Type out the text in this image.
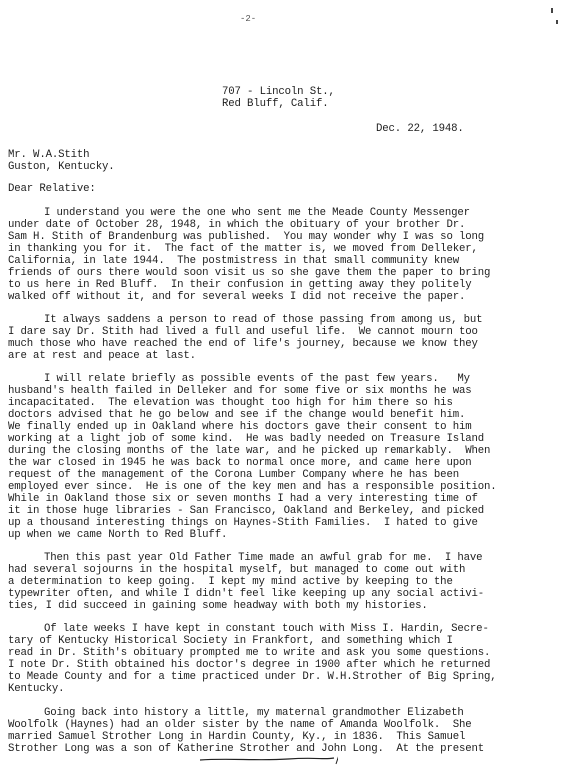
-2-

707 - Lincoln St.,

Red Bluff, Calif.

Dec. 22, 1948.

Mr. W.A.Stith

Guston, Kentucky.

Dear Relative:

I understand you were the one who sent me the Meade County Messenger

under date of October 28, 1948, in which the obituary of your brother Dr.

Sam H. Stith of Brandenburg was published.  You may wonder why I was so long

in thanking you for it.  The fact of the matter is, we moved from Delleker,

California, in late 1944.  The postmistress in that small community knew

friends of ours there would soon visit us so she gave them the paper to bring

to us here in Red Bluff.  In their confusion in getting away they politely

walked off without it, and for several weeks I did not receive the paper.

It always saddens a person to read of those passing from among us, but

I dare say Dr. Stith had lived a full and useful life.  We cannot mourn too

much those who have reached the end of life's journey, because we know they

are at rest and peace at last.

I will relate briefly as possible events of the past few years.   My

husband's health failed in Delleker and for some five or six months he was

incapacitated.  The elevation was thought too high for him there so his

doctors advised that he go below and see if the change would benefit him.

We finally ended up in Oakland where his doctors gave their consent to him

working at a light job of some kind.  He was badly needed on Treasure Island

during the closing months of the late war, and he picked up remarkably.  When

the war closed in 1945 he was back to normal once more, and came here upon

request of the management of the Corona Lumber Company where he has been

employed ever since.  He is one of the key men and has a responsible position.

While in Oakland those six or seven months I had a very interesting time of

it in those huge libraries - San Francisco, Oakland and Berkeley, and picked

up a thousand interesting things on Haynes-Stith Families.  I hated to give

up when we came North to Red Bluff.

Then this past year Old Father Time made an awful grab for me.  I have

had several sojourns in the hospital myself, but managed to come out with

a determination to keep going.  I kept my mind active by keeping to the

typewriter often, and while I didn't feel like keeping up any social activi-

ties, I did succeed in gaining some headway with both my histories.

Of late weeks I have kept in constant touch with Miss I. Hardin, Secre-

tary of Kentucky Historical Society in Frankfort, and something which I

read in Dr. Stith's obituary prompted me to write and ask you some questions.

I note Dr. Stith obtained his doctor's degree in 1900 after which he returned

to Meade County and for a time practiced under Dr. W.H.Strother of Big Spring,

Kentucky.

Going back into history a little, my maternal grandmother Elizabeth

Woolfolk (Haynes) had an older sister by the name of Amanda Woolfolk.  She

married Samuel Strother Long in Hardin County, Ky., in 1836.  This Samuel

Strother Long was a son of Katherine Strother and John Long.  At the present
